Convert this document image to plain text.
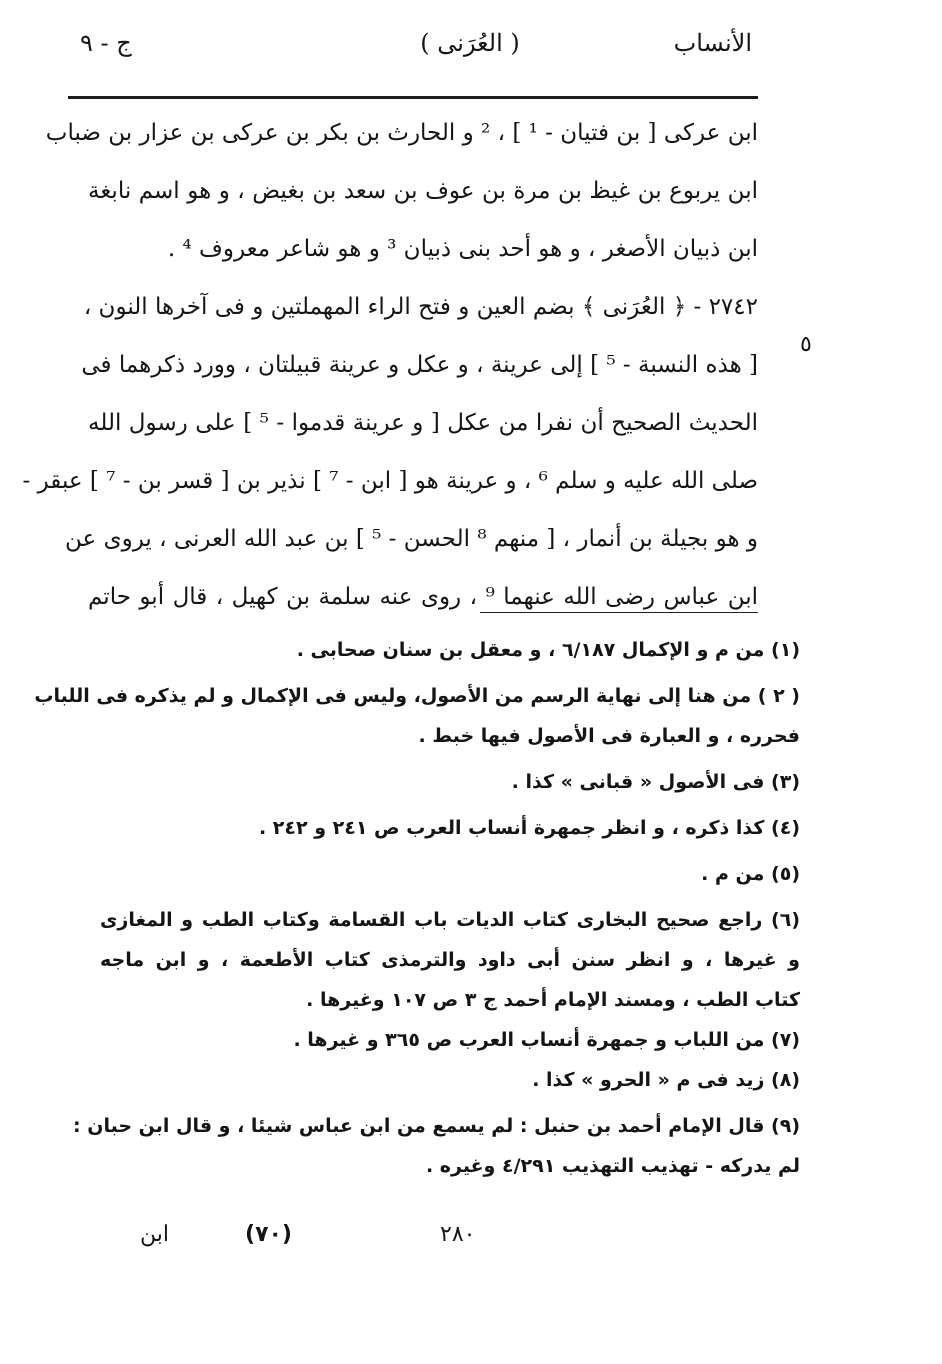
الأنساب
( العُرَنى )
ج - ٩
ابن عركى [ بن فتيان - ¹ ] ، ² و الحارث بن بكر بن عركى بن عزار بن ضباب
ابن يربوع بن غيظ بن مرة بن عوف بن سعد بن بغيض ، و هو اسم نابغة
ابن ذبيان الأصغر ، و هو أحد بنى ذبيان ³ و هو شاعر معروف ⁴ .
٢٧٤٢ - ﴿ العُرَنى ﴾ بضم العين و فتح الراء المهملتين و فى آخرها النون ،
[ هذه النسبة - ⁵ ] إلى عرينة ، و عكل و عرينة قبيلتان ، وورد ذكرهما فى
الحديث الصحيح أن نفرا من عكل [ و عرينة قدموا - ⁵ ] على رسول الله
صلى الله عليه و سلم ⁶ ، و عرينة هو [ ابن - ⁷ ] نذير بن [ قسر بن - ⁷ ] عبقر -
و هو بجيلة بن أنمار ، [ منهم ⁸ الحسن - ⁵ ] بن عبد الله العرنى ، يروى عن
ابن عباس رضى الله عنهما ⁹ ، روى عنه سلمة بن كهيل ، قال أبو حاتم
٥
(١) من م و الإكمال ٦/١٨٧ ، و معقل بن سنان صحابى .
( ٢ ) من هنا إلى نهاية الرسم من الأصول، وليس فى الإكمال و لم يذكره فى اللباب
فحرره ، و العبارة فى الأصول فيها خبط .
(٣) فى الأصول « قبانى » كذا .
(٤) كذا ذكره ، و انظر جمهرة أنساب العرب ص ٢٤١ و ٢٤٢ .
(٥) من م .
(٦) راجع صحيح البخارى كتاب الديات باب القسامة وكتاب الطب و المغازى
و غيرها ، و انظر سنن أبى داود والترمذى كتاب الأطعمة ، و ابن ماجه
كتاب الطب ، ومسند الإمام أحمد ج ٣ ص ١٠٧ وغيرها .
(٧) من اللباب و جمهرة أنساب العرب ص ٣٦٥ و غيرها .
(٨) زيد فى م « الحرو » كذا .
(٩) قال الإمام أحمد بن حنبل : لم يسمع من ابن عباس شيئا ، و قال ابن حبان :
لم يدركه - تهذيب التهذيب ٤/٢٩١ وغيره .
ابن	(٧٠)	٢٨٠
